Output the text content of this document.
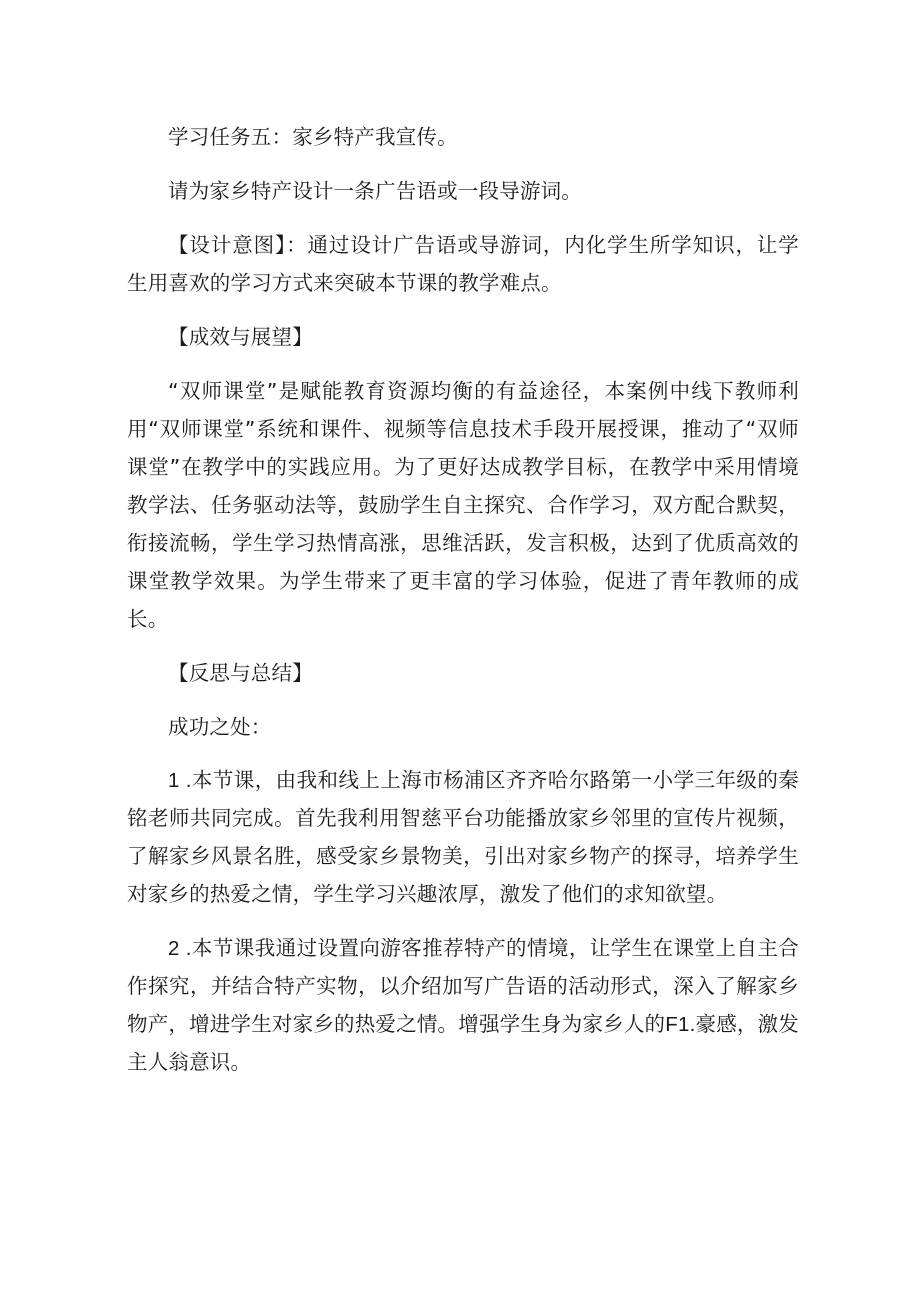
学习任务五：家乡特产我宣传。

请为家乡特产设计一条广告语或一段导游词。

【设计意图】：通过设计广告语或导游词，内化学生所学知识，让学生用喜欢的学习方式来突破本节课的教学难点。

【成效与展望】

“双师课堂”是赋能教育资源均衡的有益途径，本案例中线下教师利用“双师课堂”系统和课件、视频等信息技术手段开展授课，推动了“双师课堂”在教学中的实践应用。为了更好达成教学目标，在教学中采用情境教学法、任务驱动法等，鼓励学生自主探究、合作学习，双方配合默契，衔接流畅，学生学习热情高涨，思维活跃，发言积极，达到了优质高效的课堂教学效果。为学生带来了更丰富的学习体验，促进了青年教师的成长。

【反思与总结】

成功之处：

1 .本节课，由我和线上上海市杨浦区齐齐哈尔路第一小学三年级的秦铭老师共同完成。首先我利用智慈平台功能播放家乡邻里的宣传片视频，了解家乡风景名胜，感受家乡景物美，引出对家乡物产的探寻，培养学生对家乡的热爱之情，学生学习兴趣浓厚，激发了他们的求知欲望。

2 .本节课我通过设置向游客推荐特产的情境，让学生在课堂上自主合作探究，并结合特产实物，以介绍加写广告语的活动形式，深入了解家乡物产，增进学生对家乡的热爱之情。增强学生身为家乡人的F1.豪感，激发主人翁意识。
